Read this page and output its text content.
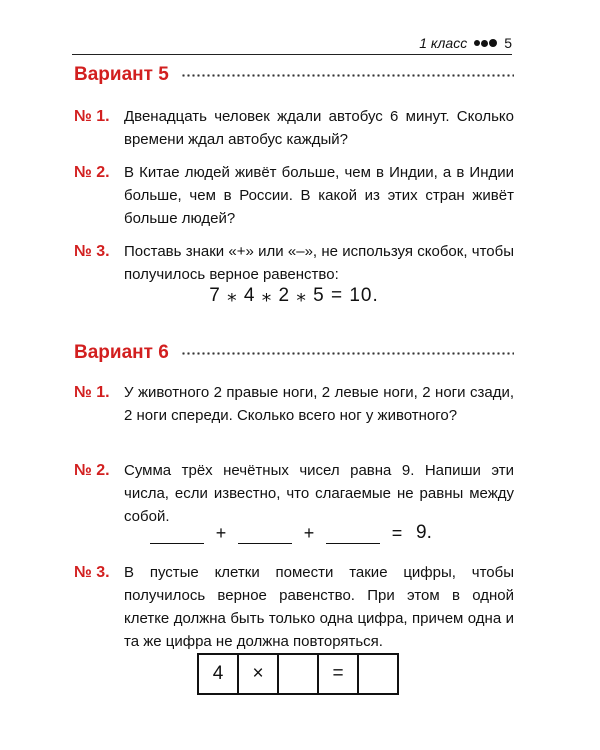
1 класс	5
Вариант 5
№ 1. Двенадцать человек ждали автобус 6 минут. Сколько времени ждал автобус каждый?
№ 2. В Китае людей живёт больше, чем в Индии, а в Индии больше, чем в России. В какой из этих стран живёт больше людей?
№ 3. Поставь знаки «+» или «–», не используя скобок, чтобы получилось верное равенство:
7 ⁎ 4 ⁎ 2 ⁎ 5 = 10.
Вариант 6
№ 1. У животного 2 правые ноги, 2 левые ноги, 2 ноги сзади, 2 ноги спереди. Сколько всего ног у животного?
№ 2. Сумма трёх нечётных чисел равна 9. Напиши эти числа, если известно, что слагаемые не равны между собой.
+	+	= 9.
№ 3. В пустые клетки помести такие цифры, чтобы получилось верное равенство. При этом в одной клетке должна быть только одна цифра, причем одна и та же цифра не должна повторяться.
4	×	=
